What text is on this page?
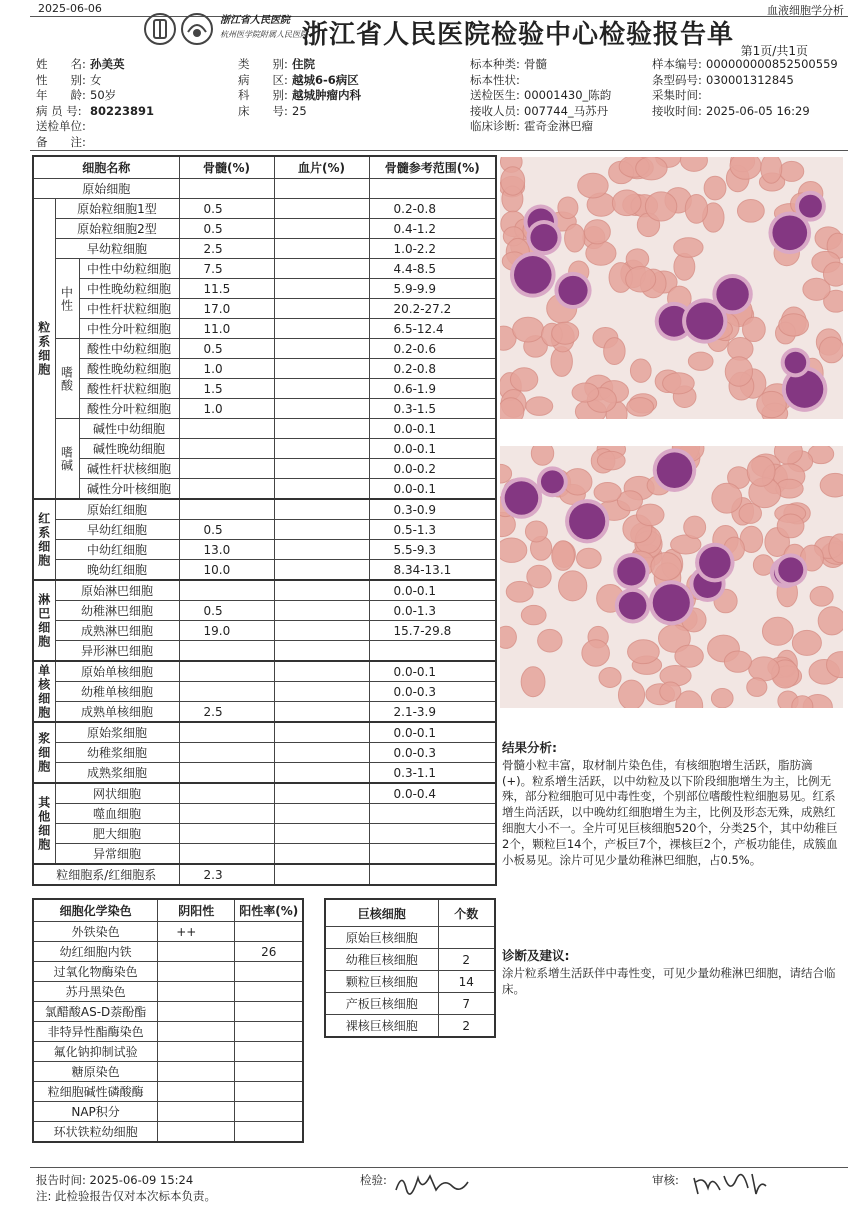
2025-06-06	血液细胞学分析
浙江省人民医院
杭州医学院附属人民医院
浙江省人民医院检验中心检验报告单
第1页/共1页
姓　　名: 孙美英
性　　别: 女
年　　龄: 50岁
病 员 号: 80223891
送检单位:
备　　注:
类　　别: 住院
病　　区: 越城6-6病区
科　　别: 越城肿瘤内科
床　　号: 25
标本种类: 骨髓
标本性状:
送检医生: 00001430_陈韵
接收人员: 007744_马苏丹
临床诊断: 霍奇金淋巴瘤
样本编号: 000000000852500559
条型码号: 030001312845
采集时间:
接收时间: 2025-06-05 16:29
细胞名称			骨髓(%)	血片(%)	骨髓参考范围(%)
原始细胞					
粒系细胞	原始粒细胞1型		0.5		0.2-0.8
	原始粒细胞2型		0.5		0.4-1.2
	早幼粒细胞		2.5		1.0-2.2
	中性	中性中幼粒细胞	7.5		4.4-8.5
		中性晚幼粒细胞	11.5		5.9-9.9
		中性杆状粒细胞	17.0		20.2-27.2
		中性分叶粒细胞	11.0		6.5-12.4
	嗜酸	酸性中幼粒细胞	0.5		0.2-0.6
		酸性晚幼粒细胞	1.0		0.2-0.8
		酸性杆状粒细胞	1.5		0.6-1.9
		酸性分叶粒细胞	1.0		0.3-1.5
	嗜碱	碱性中幼细胞			0.0-0.1
		碱性晚幼细胞			0.0-0.1
		碱性杆状核细胞			0.0-0.2
		碱性分叶核细胞			0.0-0.1
红系细胞	原始红细胞				0.3-0.9
	早幼红细胞		0.5		0.5-1.3
	中幼红细胞		13.0		5.5-9.3
	晚幼红细胞		10.0		8.34-13.1
淋巴细胞	原始淋巴细胞				0.0-0.1
	幼稚淋巴细胞		0.5		0.0-1.3
	成熟淋巴细胞		19.0		15.7-29.8
	异形淋巴细胞				
单核细胞	原始单核细胞				0.0-0.1
	幼稚单核细胞				0.0-0.3
	成熟单核细胞		2.5		2.1-3.9
浆细胞	原始浆细胞				0.0-0.1
	幼稚浆细胞				0.0-0.3
	成熟浆细胞				0.3-1.1
其他细胞	网状细胞				0.0-0.4
	噬血细胞				
	肥大细胞				
	异常细胞				
粒细胞系/红细胞系			2.3		
结果分析:
骨髓小粒丰富，取材制片染色佳，有核细胞增生活跃，脂肪滴(+)。粒系增生活跃，以中幼粒及以下阶段细胞增生为主，比例无殊，部分粒细胞可见中毒性变，个别部位嗜酸性粒细胞易见。红系增生尚活跃，以中晚幼红细胞增生为主，比例及形态无殊，成熟红细胞大小不一。全片可见巨核细胞520个，分类25个，其中幼稚巨2个，颗粒巨14个，产板巨7个，裸核巨2个，产板功能佳，成簇血小板易见。涂片可见少量幼稚淋巴细胞，占0.5%。
诊断及建议:
涂片粒系增生活跃伴中毒性变，可见少量幼稚淋巴细胞，请结合临床。
细胞化学染色	阴阳性	阳性率(%)
外铁染色	++	
幼红细胞内铁		26
过氧化物酶染色		
苏丹黑染色		
氯醋酸AS-D萘酚酯		
非特异性酯酶染色		
氟化钠抑制试验		
糖原染色		
粒细胞碱性磷酸酶		
NAP积分		
环状铁粒幼细胞		
巨核细胞	个数
原始巨核细胞	
幼稚巨核细胞	2
颗粒巨核细胞	14
产板巨核细胞	7
裸核巨核细胞	2
报告时间: 2025-06-09 15:24
注: 此检验报告仅对本次标本负责。
检验:	审核:
